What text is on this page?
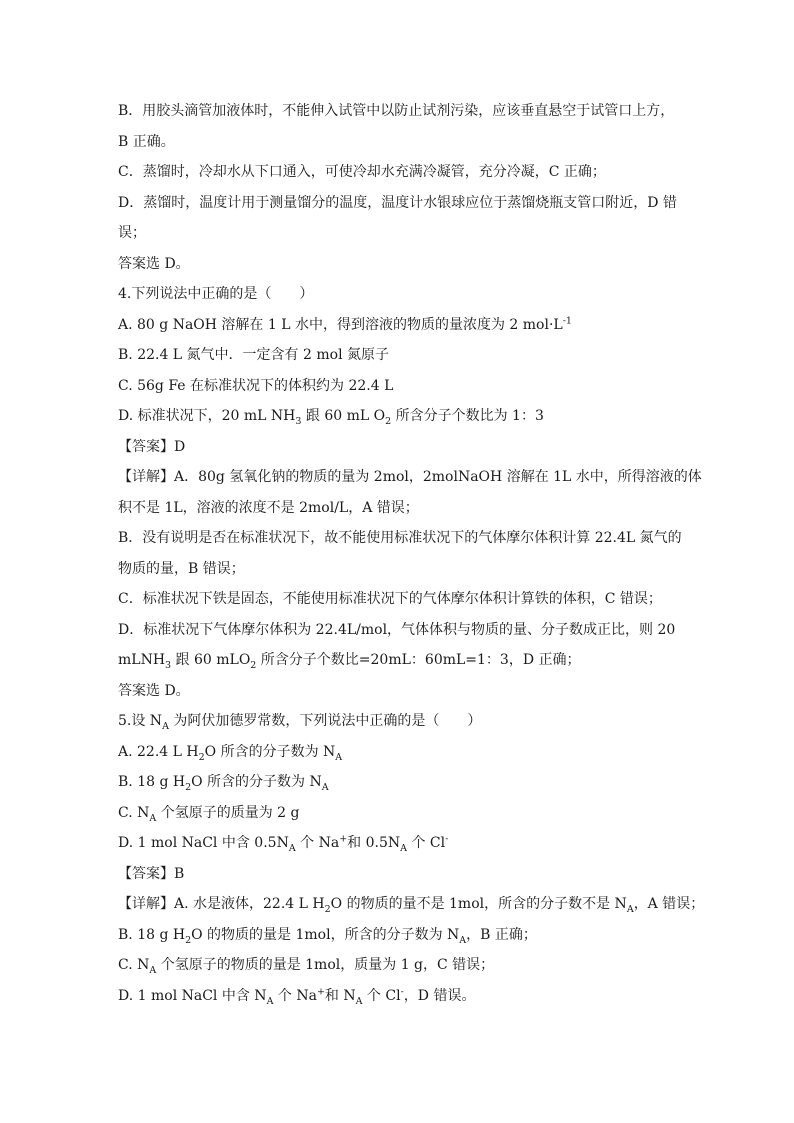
B．用胶头滴管加液体时，不能伸入试管中以防止试剂污染，应该垂直悬空于试管口上方，
B 正确。
C．蒸馏时，冷却水从下口通入，可使冷却水充满冷凝管，充分冷凝，C 正确；
D．蒸馏时，温度计用于测量馏分的温度，温度计水银球应位于蒸馏烧瓶支管口附近，D 错
误；
答案选 D。
4.下列说法中正确的是（　　）
A. 80 g NaOH 溶解在 1 L 水中，得到溶液的物质的量浓度为 2 $mol\cdot L^{-1}$
B. 22.4 L 氮气中．一定含有 2 mol 氮原子
C. 56g Fe 在标准状况下的体积约为 22.4 L
D. 标准状况下，20 mL $NH_3$ 跟 60 mL $O_2$ 所含分子个数比为 1：3
【答案】D
【详解】A．80g 氢氧化钠的物质的量为 2mol，2molNaOH 溶解在 1L 水中，所得溶液的体
积不是 1L，溶液的浓度不是 2mol/L，A 错误；
B．没有说明是否在标准状况下，故不能使用标准状况下的气体摩尔体积计算 22.4L 氮气的
物质的量，B 错误；
C．标准状况下铁是固态，不能使用标准状况下的气体摩尔体积计算铁的体积，C 错误；
D．标准状况下气体摩尔体积为 22.4L/mol，气体体积与物质的量、分子数成正比，则 20
mLNH$_3$ 跟 60 mLO$_2$ 所含分子个数比=20mL：60mL=1：3，D 正确；
答案选 D。
5.设 $N_A$ 为阿伏加德罗常数，下列说法中正确的是（　　）
A. 22.4 L $H_2O$ 所含的分子数为 $N_A$
B. 18 g $H_2O$ 所含的分子数为 $N_A$
C. $N_A$ 个氢原子的质量为 2 g
D. 1 mol NaCl 中含 $0.5N_A$ 个 Na+和 $0.5N_A$ 个 Cl-
【答案】B
【详解】A. 水是液体，22.4 L $H_2O$ 的物质的量不是 1mol，所含的分子数不是 $N_A$，A 错误；
B. 18 g $H_2O$ 的物质的量是 1mol，所含的分子数为 $N_A$，B 正确；
C. $N_A$ 个氢原子的物质的量是 1mol，质量为 1 g，C 错误；
D. 1 mol NaCl 中含 $N_A$ 个 Na+和 $N_A$ 个 Cl-，D 错误。
